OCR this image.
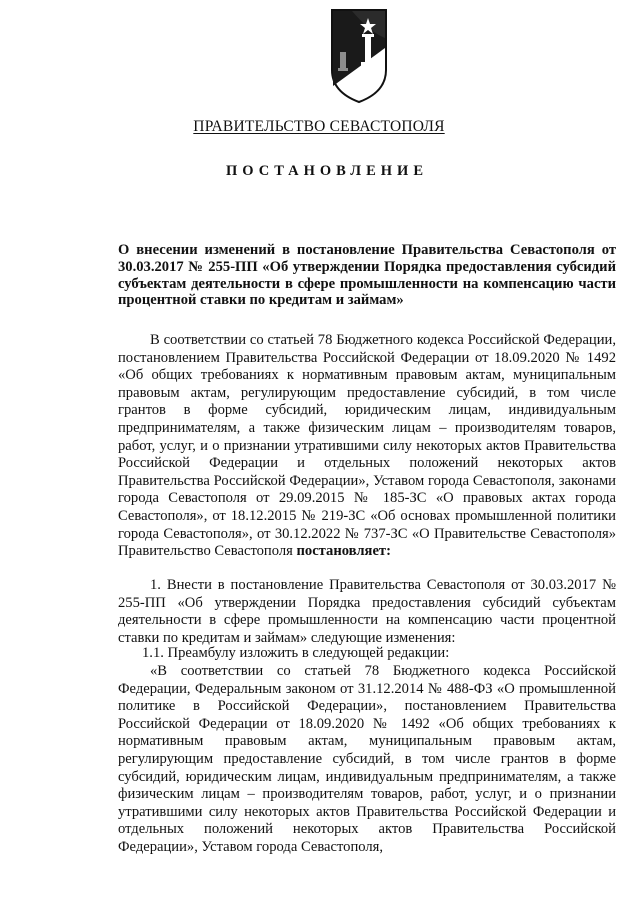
ПРАВИТЕЛЬСТВО СЕВАСТОПОЛЯ
ПОСТАНОВЛЕНИЕ
О внесении изменений в постановление Правительства Севастополя от 30.03.2017 № 255-ПП «Об утверждении Порядка предоставления субсидий субъектам деятельности в сфере промышленности на компенсацию части процентной ставки по кредитам и займам»

В соответствии со статьей 78 Бюджетного кодекса Российской Федерации, постановлением Правительства Российской Федерации от 18.09.2020 № 1492 «Об общих требованиях к нормативным правовым актам, муниципальным правовым актам, регулирующим предоставление субсидий, в том числе грантов в форме субсидий, юридическим лицам, индивидуальным предпринимателям, а также физическим лицам – производителям товаров, работ, услуг, и о признании утратившими силу некоторых актов Правительства Российской Федерации и отдельных положений некоторых актов Правительства Российской Федерации», Уставом города Севастополя, законами города Севастополя от 29.09.2015 № 185-ЗС «О правовых актах города Севастополя», от 18.12.2015 № 219-ЗС «Об основах промышленной политики города Севастополя», от 30.12.2022 № 737-ЗС «О Правительстве Севастополя» Правительство Севастополя постановляет:

1. Внести в постановление Правительства Севастополя от 30.03.2017 № 255-ПП «Об утверждении Порядка предоставления субсидий субъектам деятельности в сфере промышленности на компенсацию части процентной ставки по кредитам и займам» следующие изменения:

1.1. Преамбулу изложить в следующей редакции:

«В соответствии со статьей 78 Бюджетного кодекса Российской Федерации, Федеральным законом от 31.12.2014 № 488-ФЗ «О промышленной политике в Российской Федерации», постановлением Правительства Российской Федерации от 18.09.2020 № 1492 «Об общих требованиях к нормативным правовым актам, муниципальным правовым актам, регулирующим предоставление субсидий, в том числе грантов в форме субсидий, юридическим лицам, индивидуальным предпринимателям, а также физическим лицам – производителям товаров, работ, услуг, и о признании утратившими силу некоторых актов Правительства Российской Федерации и отдельных положений некоторых актов Правительства Российской Федерации», Уставом города Севастополя,
